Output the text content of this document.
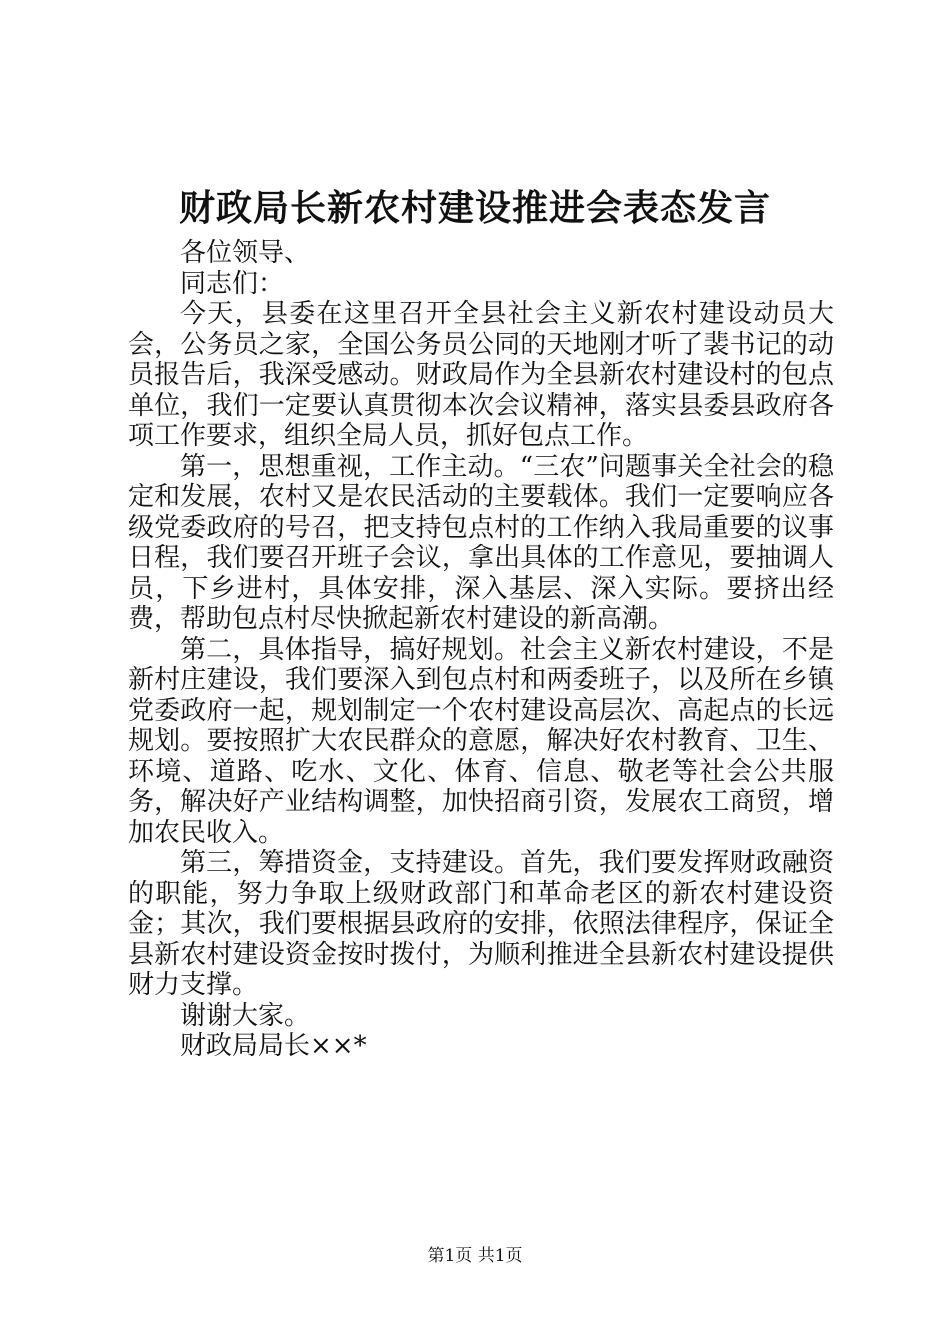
财政局长新农村建设推进会表态发言

各位领导、

同志们：

今天，县委在这里召开全县社会主义新农村建设动员大会，公务员之家，全国公务员公同的天地刚才听了裴书记的动员报告后，我深受感动。财政局作为全县新农村建设村的包点单位，我们一定要认真贯彻本次会议精神，落实县委县政府各项工作要求，组织全局人员，抓好包点工作。

第一，思想重视，工作主动。“三农”问题事关全社会的稳定和发展，农村又是农民活动的主要载体。我们一定要响应各级党委政府的号召，把支持包点村的工作纳入我局重要的议事日程，我们要召开班子会议，拿出具体的工作意见，要抽调人员，下乡进村，具体安排，深入基层、深入实际。要挤出经费，帮助包点村尽快掀起新农村建设的新高潮。

第二，具体指导，搞好规划。社会主义新农村建设，不是新村庄建设，我们要深入到包点村和两委班子，以及所在乡镇党委政府一起，规划制定一个农村建设高层次、高起点的长远规划。要按照扩大农民群众的意愿，解决好农村教育、卫生、环境、道路、吃水、文化、体育、信息、敬老等社会公共服务，解决好产业结构调整，加快招商引资，发展农工商贸，增加农民收入。

第三，筹措资金，支持建设。首先，我们要发挥财政融资的职能，努力争取上级财政部门和革命老区的新农村建设资金；其次，我们要根据县政府的安排，依照法律程序，保证全县新农村建设资金按时拨付，为顺利推进全县新农村建设提供财力支撑。

谢谢大家。

财政局局长××*

第1页 共1页
